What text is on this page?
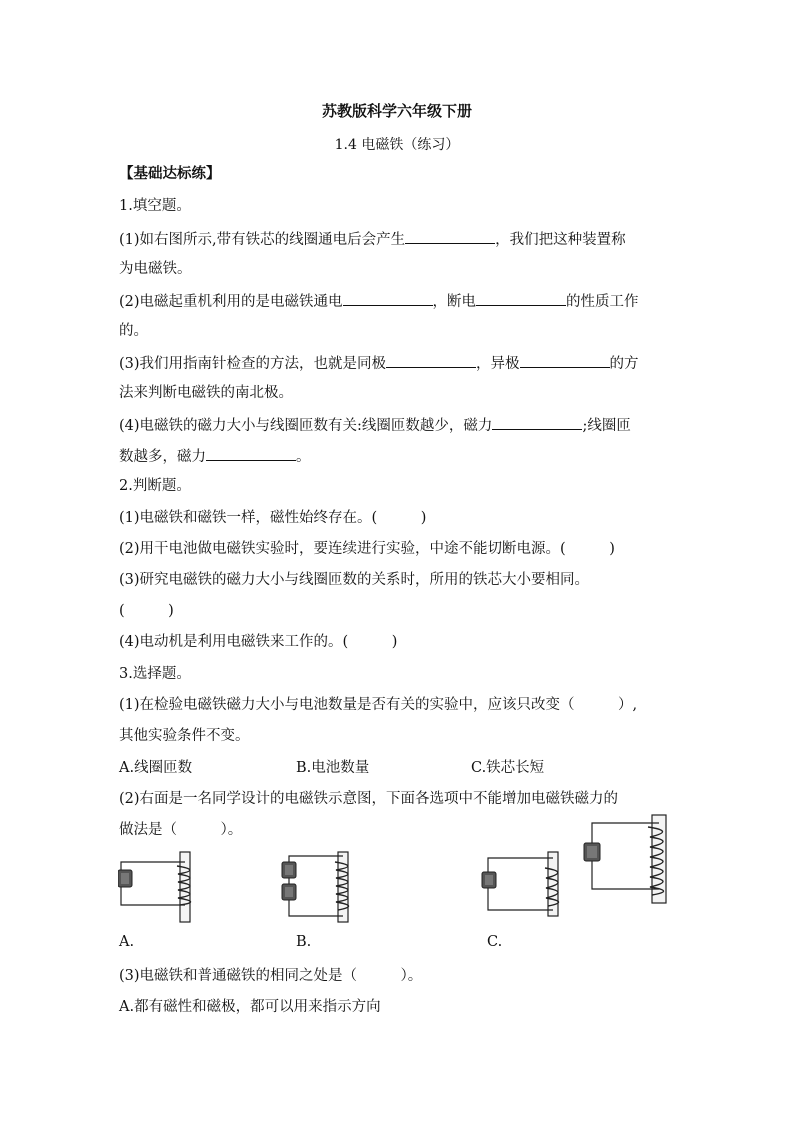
苏教版科学六年级下册
1.4 电磁铁（练习）
【基础达标练】
1.填空题。
(1)如右图所示,带有铁芯的线圈通电后会产生	，我们把这种装置称
为电磁铁。
(2)电磁起重机利用的是电磁铁通电	，断电	的性质工作
的。
(3)我们用指南针检查的方法，也就是同极	，异极	的方
法来判断电磁铁的南北极。
(4)电磁铁的磁力大小与线圈匝数有关:线圈匝数越少，磁力	;线圈匝
数越多，磁力	。
2.判断题。
(1)电磁铁和磁铁一样，磁性始终存在。(　　　)
(2)用干电池做电磁铁实验时，要连续进行实验，中途不能切断电源。(　　　)
(3)研究电磁铁的磁力大小与线圈匝数的关系时，所用的铁芯大小要相同。
(　　　)
(4)电动机是利用电磁铁来工作的。(　　　)
3.选择题。
(1)在检验电磁铁磁力大小与电池数量是否有关的实验中，应该只改变（　　　）,
其他实验条件不变。
A.线圈匝数	B.电池数量	C.铁芯长短
(2)右面是一名同学设计的电磁铁示意图，下面各选项中不能增加电磁铁磁力的
做法是（　　　）。
A.	B.	C.
(3)电磁铁和普通磁铁的相同之处是（　　　）。
A.都有磁性和磁极，都可以用来指示方向
